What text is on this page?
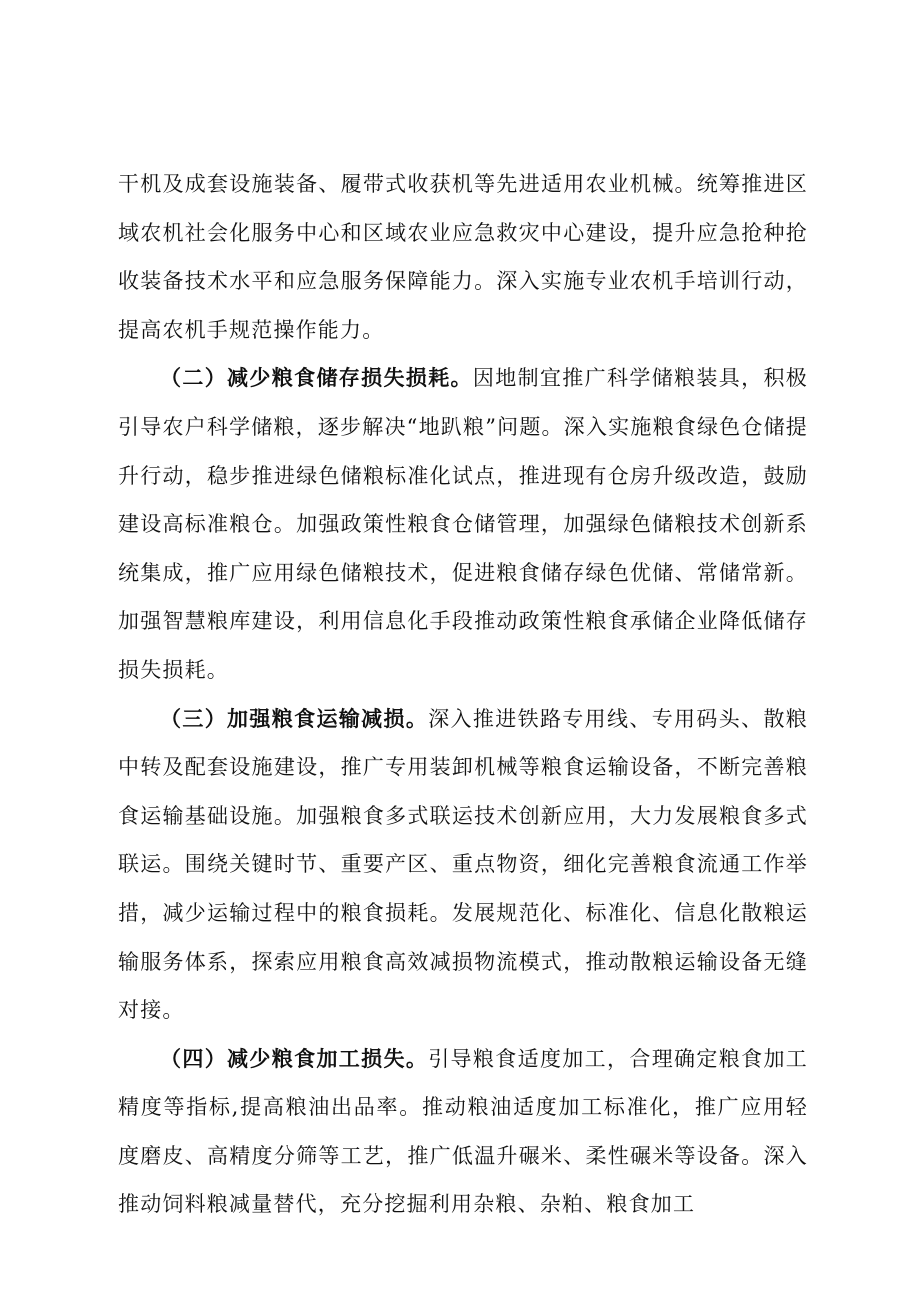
干机及成套设施装备、履带式收获机等先进适用农业机械。统筹推进区域农机社会化服务中心和区域农业应急救灾中心建设，提升应急抢种抢收装备技术水平和应急服务保障能力。深入实施专业农机手培训行动，提高农机手规范操作能力。

（二）减少粮食储存损失损耗。因地制宜推广科学储粮装具，积极引导农户科学储粮，逐步解决“地趴粮”问题。深入实施粮食绿色仓储提升行动，稳步推进绿色储粮标准化试点，推进现有仓房升级改造，鼓励建设高标准粮仓。加强政策性粮食仓储管理，加强绿色储粮技术创新系统集成，推广应用绿色储粮技术，促进粮食储存绿色优储、常储常新。加强智慧粮库建设，利用信息化手段推动政策性粮食承储企业降低储存损失损耗。

（三）加强粮食运输减损。深入推进铁路专用线、专用码头、散粮中转及配套设施建设，推广专用装卸机械等粮食运输设备，不断完善粮食运输基础设施。加强粮食多式联运技术创新应用，大力发展粮食多式联运。围绕关键时节、重要产区、重点物资，细化完善粮食流通工作举措，减少运输过程中的粮食损耗。发展规范化、标准化、信息化散粮运输服务体系，探索应用粮食高效减损物流模式，推动散粮运输设备无缝对接。

（四）减少粮食加工损失。引导粮食适度加工，合理确定粮食加工精度等指标,提高粮油出品率。推动粮油适度加工标准化，推广应用轻度磨皮、高精度分筛等工艺，推广低温升碾米、柔性碾米等设备。深入推动饲料粮减量替代，充分挖掘利用杂粮、杂粕、粮食加工
